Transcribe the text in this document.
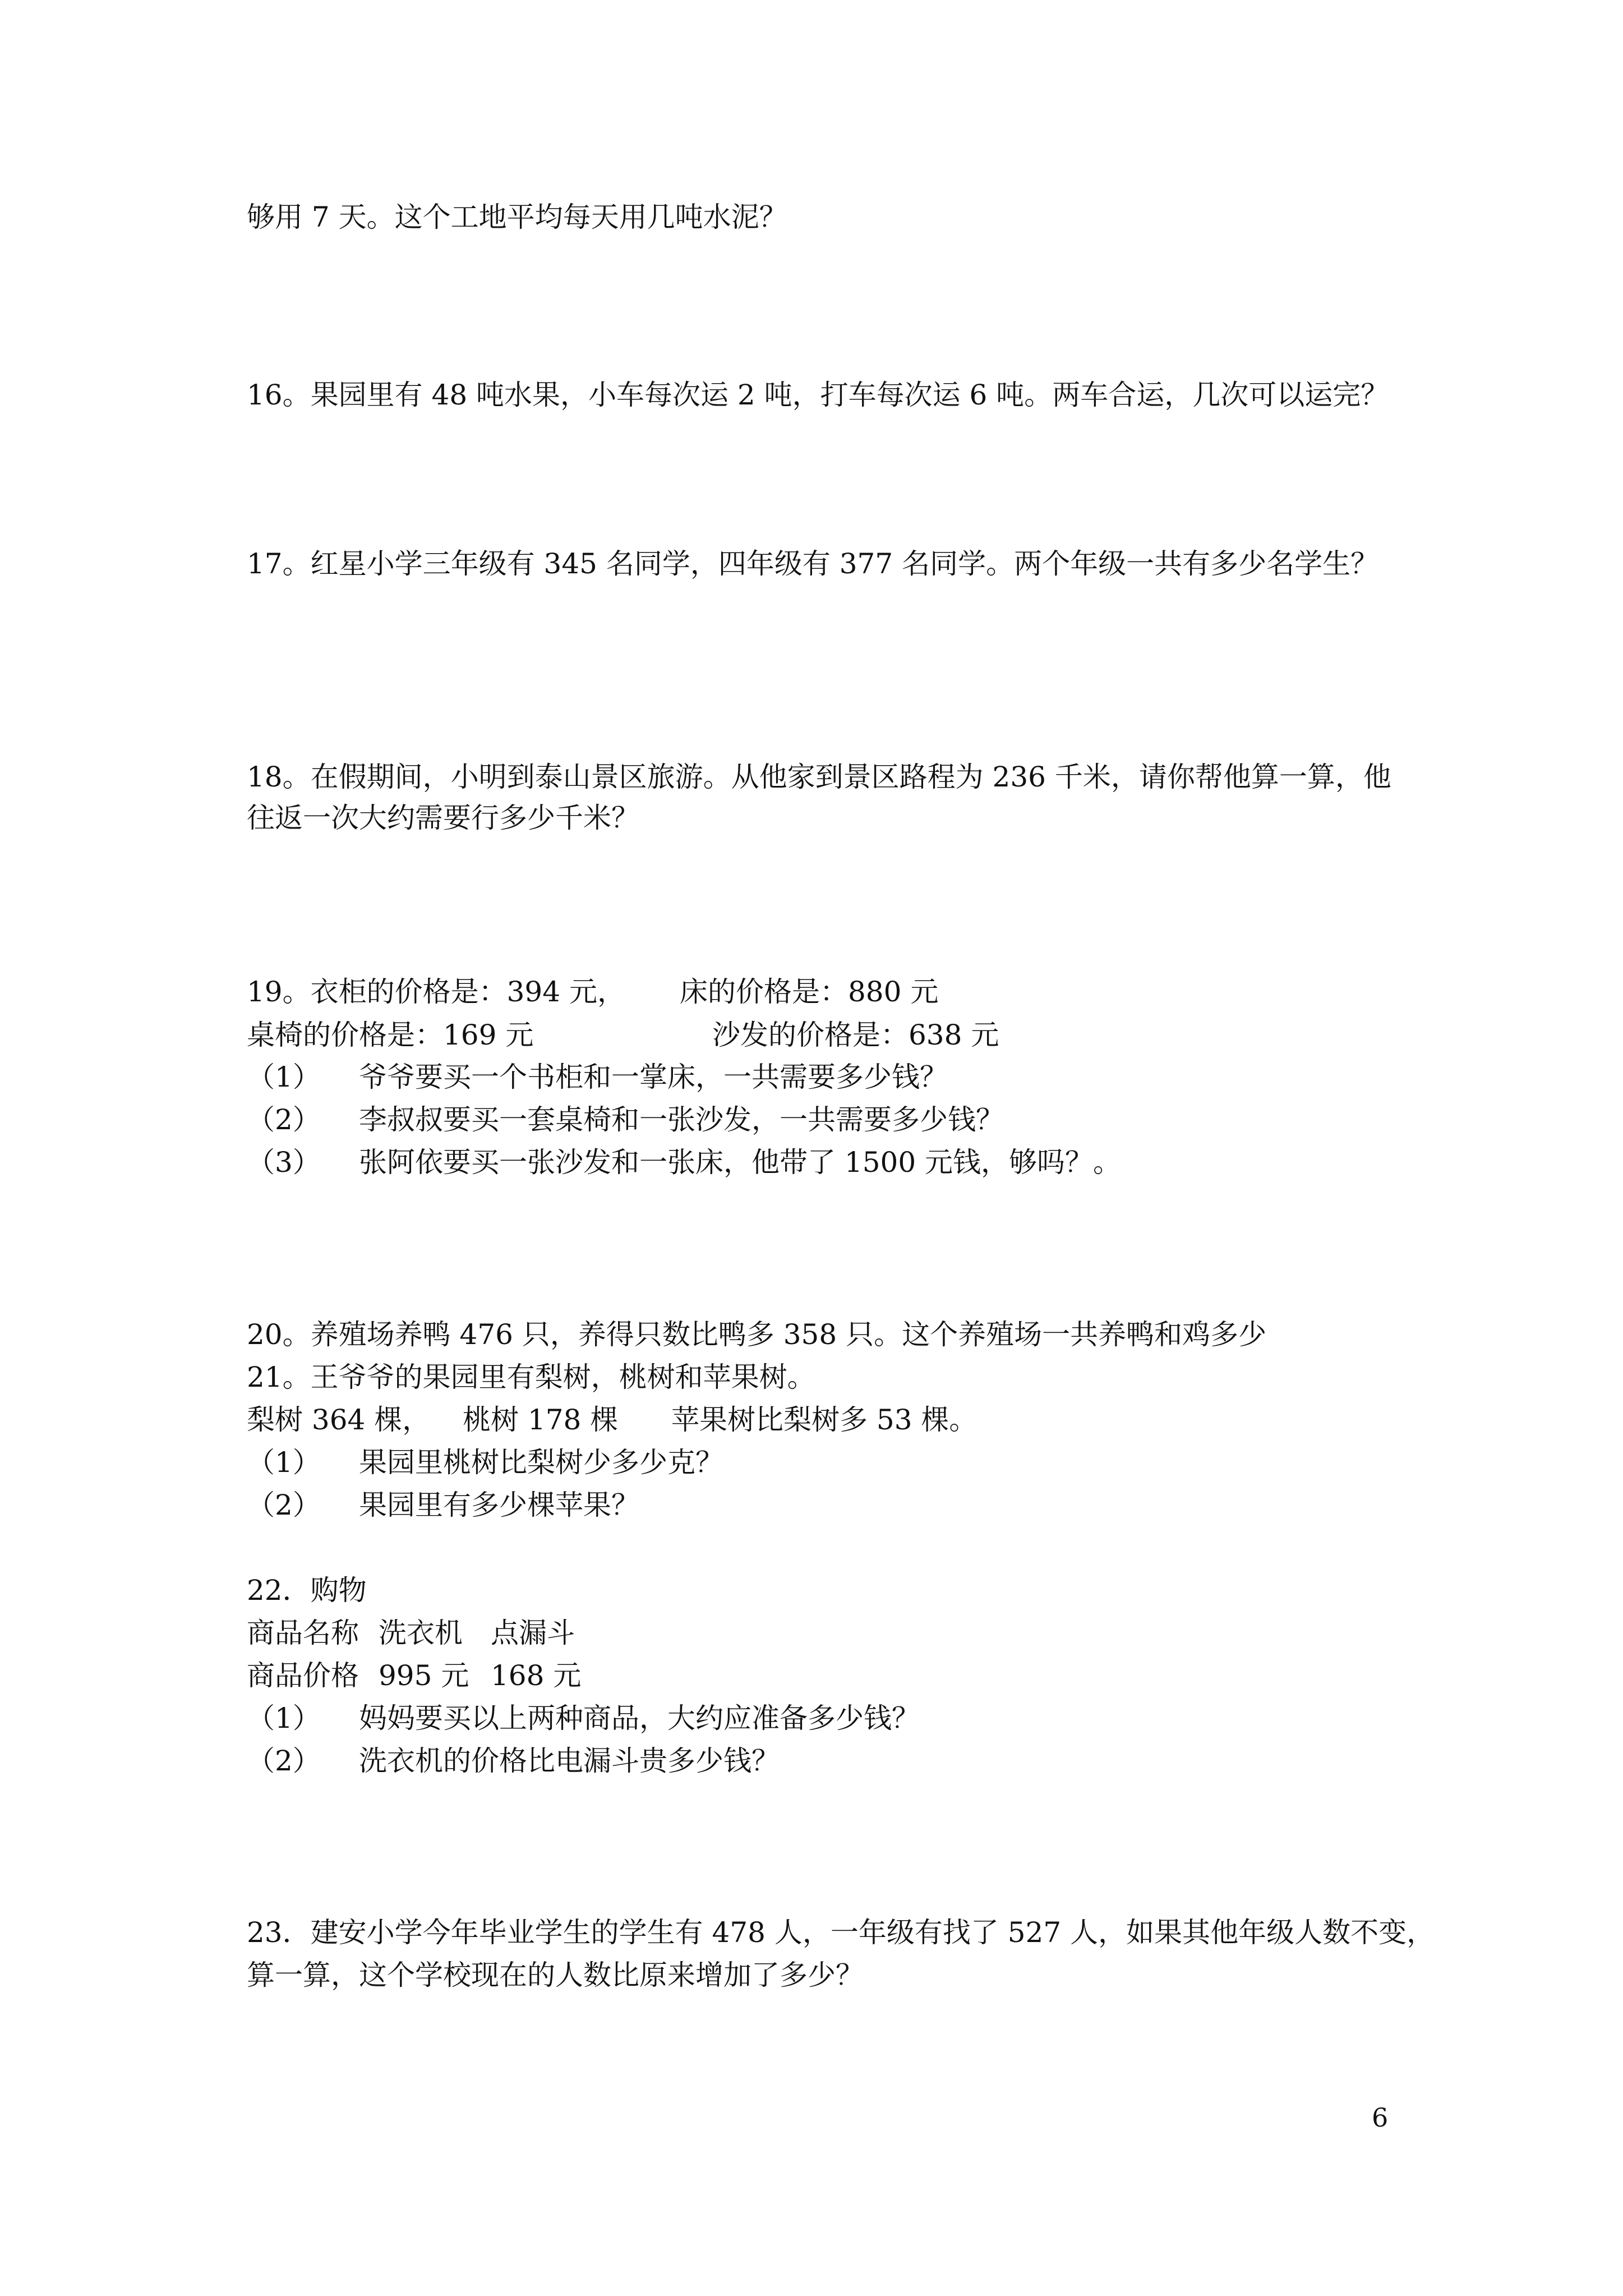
够用 7 天。这个工地平均每天用几吨水泥？
16。果园里有 48 吨水果，小车每次运 2 吨，打车每次运 6 吨。两车合运，几次可以运完？
17。红星小学三年级有 345 名同学，四年级有 377 名同学。两个年级一共有多少名学生？
18。在假期间，小明到泰山景区旅游。从他家到景区路程为 236 千米，请你帮他算一算，他
往返一次大约需要行多少千米？
19。衣柜的价格是：394 元， 床的价格是：880 元
桌椅的价格是：169 元	沙发的价格是：638 元
（1） 爷爷要买一个书柜和一掌床，一共需要多少钱？
（2） 李叔叔要买一套桌椅和一张沙发，一共需要多少钱？
（3） 张阿依要买一张沙发和一张床，他带了 1500 元钱，够吗？。
20。养殖场养鸭 476 只，养得只数比鸭多 358 只。这个养殖场一共养鸭和鸡多少
21。王爷爷的果园里有梨树，桃树和苹果树。
梨树 364 棵， 桃树 178 棵 苹果树比梨树多 53 棵。
（1） 果园里桃树比梨树少多少克？
（2） 果园里有多少棵苹果？
22．购物
商品名称 洗衣机 点漏斗
商品价格 995 元 168 元
（1） 妈妈要买以上两种商品，大约应准备多少钱？
（2） 洗衣机的价格比电漏斗贵多少钱？
23．建安小学今年毕业学生的学生有 478 人，一年级有找了 527 人，如果其他年级人数不变，
算一算，这个学校现在的人数比原来增加了多少？
6
